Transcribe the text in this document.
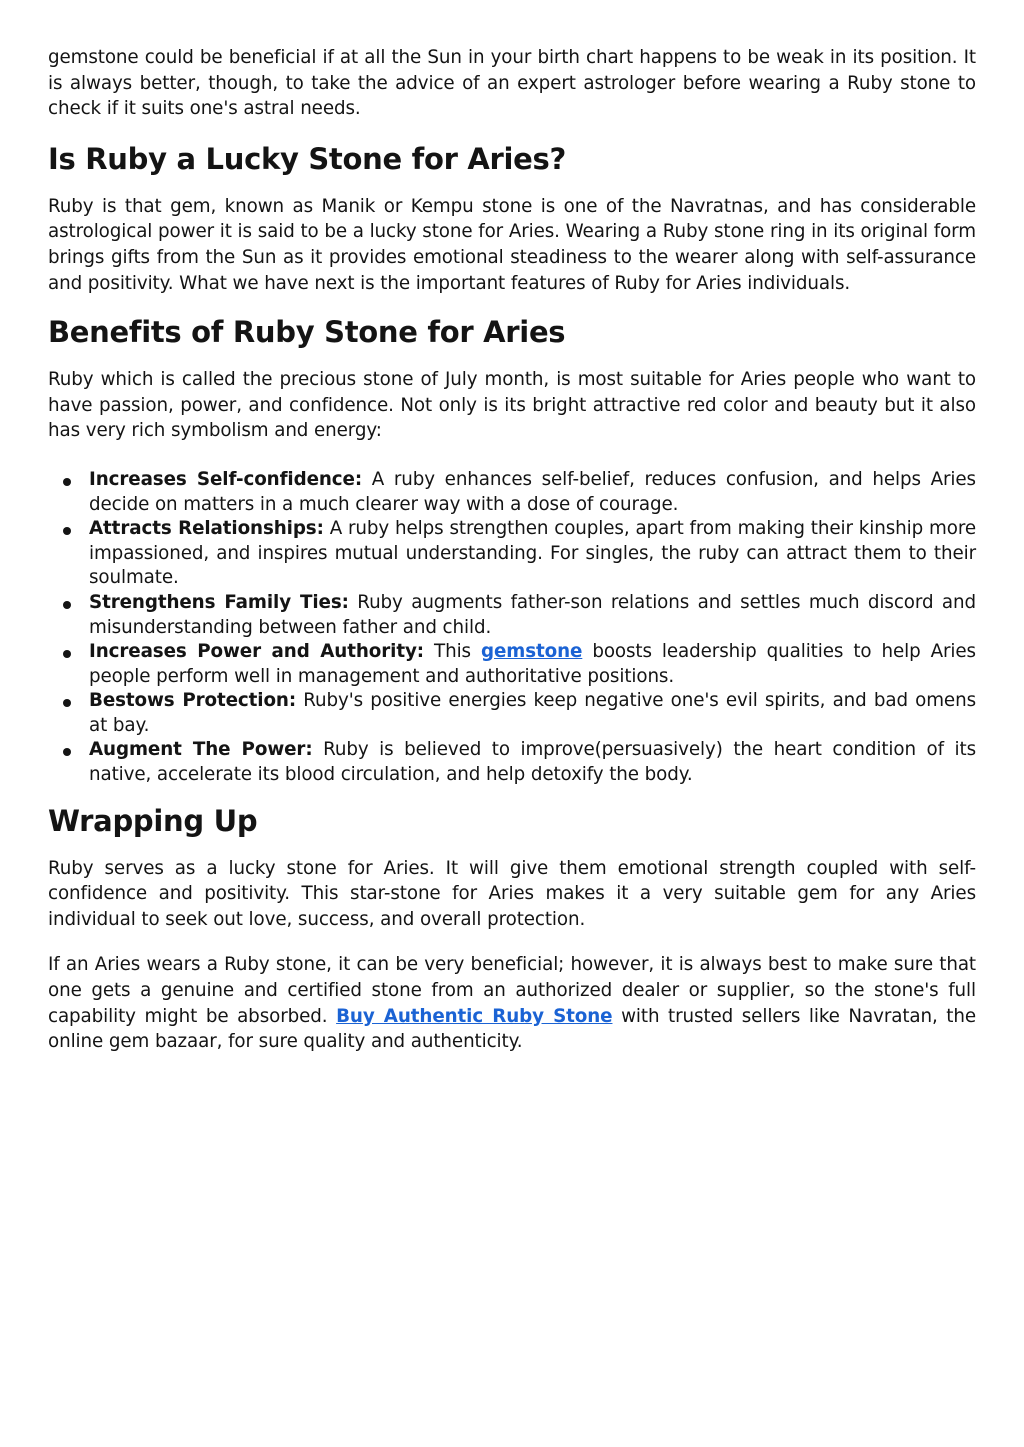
gemstone could be beneficial if at all the Sun in your birth chart happens to be weak in its position. It is always better, though, to take the advice of an expert astrologer before wearing a Ruby stone to check if it suits one's astral needs.

Is Ruby a Lucky Stone for Aries?

Ruby is that gem, known as Manik or Kempu stone is one of the Navratnas, and has considerable astrological power it is said to be a lucky stone for Aries. Wearing a Ruby stone ring in its original form brings gifts from the Sun as it provides emotional steadiness to the wearer along with self-assurance and positivity. What we have next is the important features of Ruby for Aries individuals.

Benefits of Ruby Stone for Aries

Ruby which is called the precious stone of July month, is most suitable for Aries people who want to have passion, power, and confidence. Not only is its bright attractive red color and beauty but it also has very rich symbolism and energy:

Increases Self-confidence: A ruby enhances self-belief, reduces confusion, and helps Aries decide on matters in a much clearer way with a dose of courage.
Attracts Relationships: A ruby helps strengthen couples, apart from making their kinship more impassioned, and inspires mutual understanding. For singles, the ruby can attract them to their soulmate.
Strengthens Family Ties: Ruby augments father-son relations and settles much discord and misunderstanding between father and child.
Increases Power and Authority: This gemstone boosts leadership qualities to help Aries people perform well in management and authoritative positions.
Bestows Protection: Ruby's positive energies keep negative one's evil spirits, and bad omens at bay.
Augment The Power: Ruby is believed to improve(persuasively) the heart condition of its native, accelerate its blood circulation, and help detoxify the body.
Wrapping Up

Ruby serves as a lucky stone for Aries. It will give them emotional strength coupled with self-confidence and positivity. This star-stone for Aries makes it a very suitable gem for any Aries individual to seek out love, success, and overall protection.

If an Aries wears a Ruby stone, it can be very beneficial; however, it is always best to make sure that one gets a genuine and certified stone from an authorized dealer or supplier, so the stone's full capability might be absorbed. Buy Authentic Ruby Stone with trusted sellers like Navratan, the online gem bazaar, for sure quality and authenticity.
